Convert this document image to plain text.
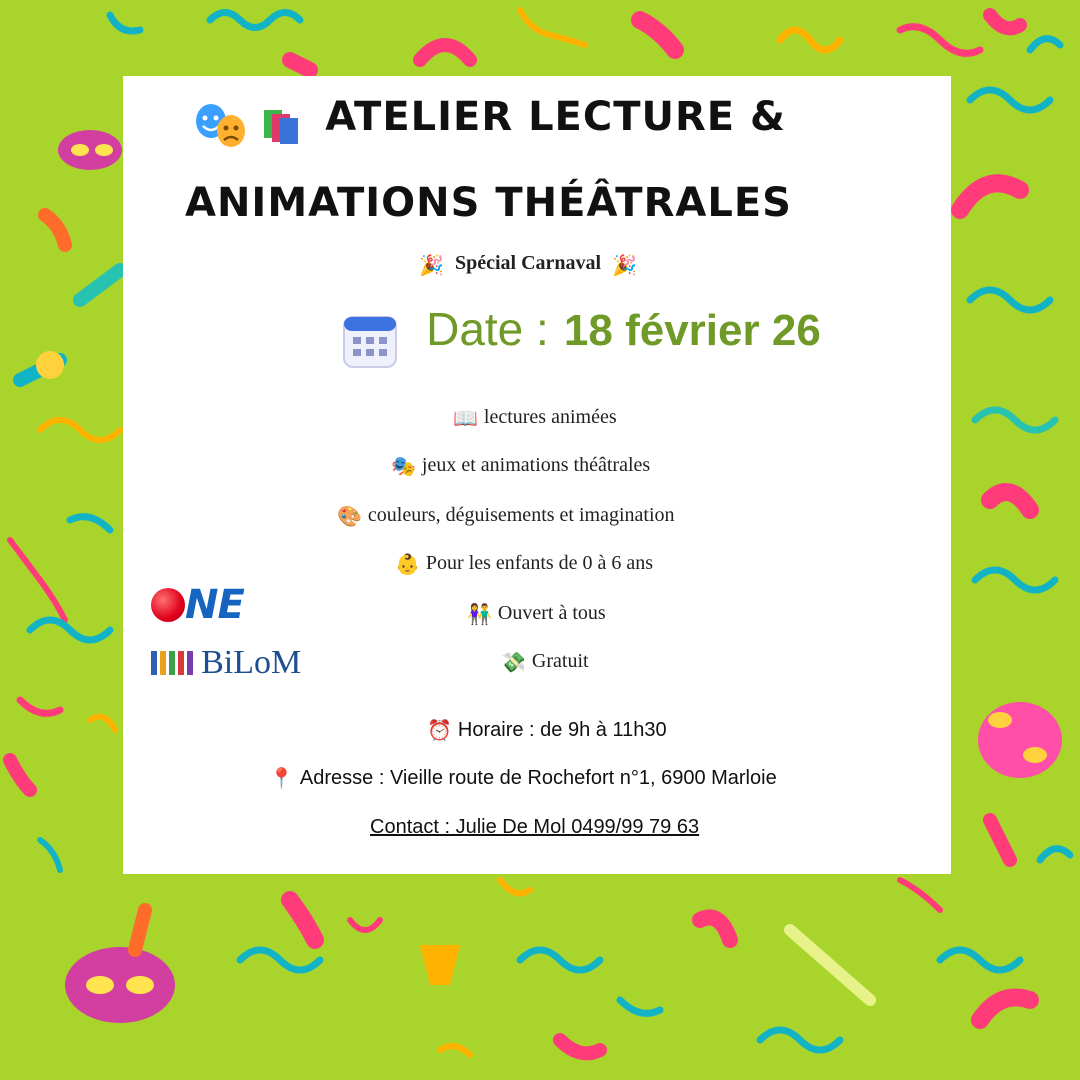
ATELIER LECTURE &
ANIMATIONS THÉÂTRALES
🎉 Spécial Carnaval 🎉
Date : 18 février 26
📖 lectures animées
🎭 jeux et animations théâtrales
🎨 couleurs, déguisements et imagination
👶 Pour les enfants de 0 à 6 ans
👫 Ouvert à tous
💸 Gratuit
NE
BiLoM
⏰ Horaire : de 9h à 11h30
📍 Adresse : Vieille route de Rochefort n°1, 6900 Marloie
Contact : Julie De Mol 0499/99 79 63
